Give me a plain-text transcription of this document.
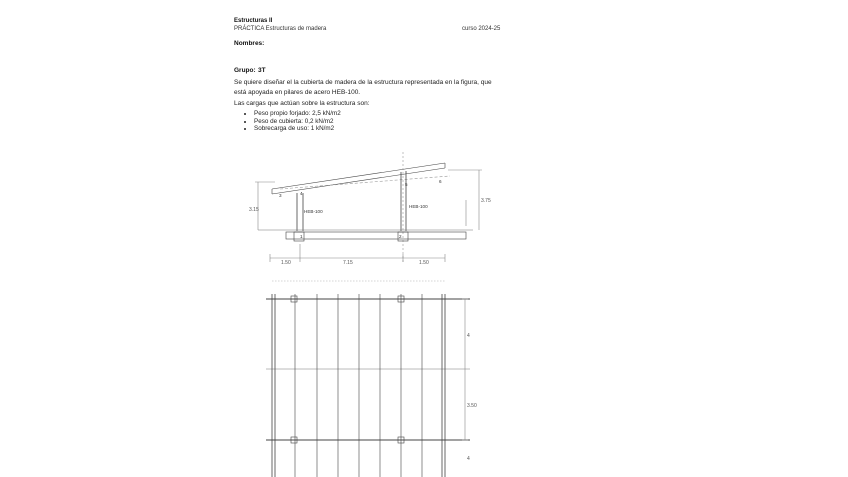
Estructuras II
PRÁCTICA Estructuras de madera	curso 2024-25
Nombres:
Grupo: 3T
Se quiere diseñar el la cubierta de madera de la estructura representada en la figura, que
está apoyada en pilares de acero HEB-100.
Las cargas que actúan sobre la estructura son:
• Peso propio forjado: 2,5 kN/m2
• Peso de cubierta: 0,2 kN/m2
• Sobrecarga de uso: 1 kN/m2
HEB-100
HEB-100
1	2
3	4
5
6
3.15
3.75
1.50	7.15	1.50
4
3.50
4
